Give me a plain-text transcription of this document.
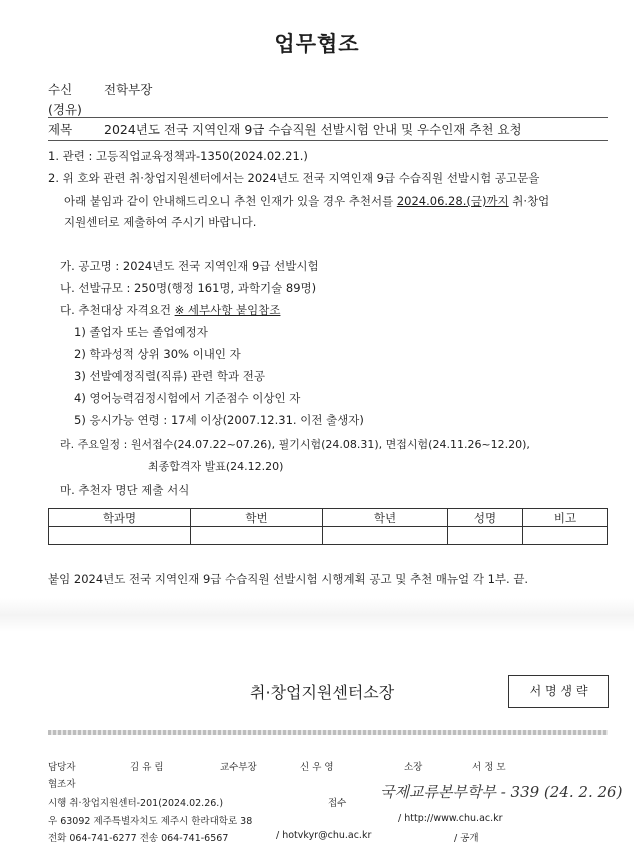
업무협조
수신	전학부장
(경유)
제목	2024년도 전국 지역인재 9급 수습직원 선발시험 안내 및 우수인재 추천 요청
1. 관련 : 고등직업교육정책과-1350(2024.02.21.)
2. 위 호와 관련 취·창업지원센터에서는 2024년도 전국 지역인재 9급 수습직원 선발시험 공고문을
아래 붙임과 같이 안내해드리오니 추천 인재가 있을 경우 추천서를 2024.06.28.(금)까지 취·창업
지원센터로 제출하여 주시기 바랍니다.
가. 공고명 : 2024년도 전국 지역인재 9급 선발시험
나. 선발규모 : 250명(행정 161명, 과학기술 89명)
다. 추천대상 자격요건 ※ 세부사항 붙임참조
1) 졸업자 또는 졸업예정자
2) 학과성적 상위 30% 이내인 자
3) 선발예정직렬(직류) 관련 학과 전공
4) 영어능력검정시험에서 기준점수 이상인 자
5) 응시가능 연령 : 17세 이상(2007.12.31. 이전 출생자)
라. 주요일정 : 원서접수(24.07.22~07.26), 필기시험(24.08.31), 면접시험(24.11.26~12.20),
최종합격자 발표(24.12.20)
마. 추천자 명단 제출 서식
학과명	학번	학년	성명	비고

붙임 2024년도 전국 지역인재 9급 수습직원 선발시험 시행계획 공고 및 추천 매뉴얼 각 1부. 끝.
취·창업지원센터소장	서 명 생 략
담당자	김 유 림	교수부장	신 우 영	소장	서 정 모
협조자
시행 취·창업지원센터-201(2024.02.26.)	접수
국제교류본부학부 - 339 (24. 2. 26)
우 63092 제주특별자치도 제주시 한라대학로 38	/ http://www.chu.ac.kr
전화 064-741-6277 전송 064-741-6567	/ hotvkyr@chu.ac.kr	/ 공개
